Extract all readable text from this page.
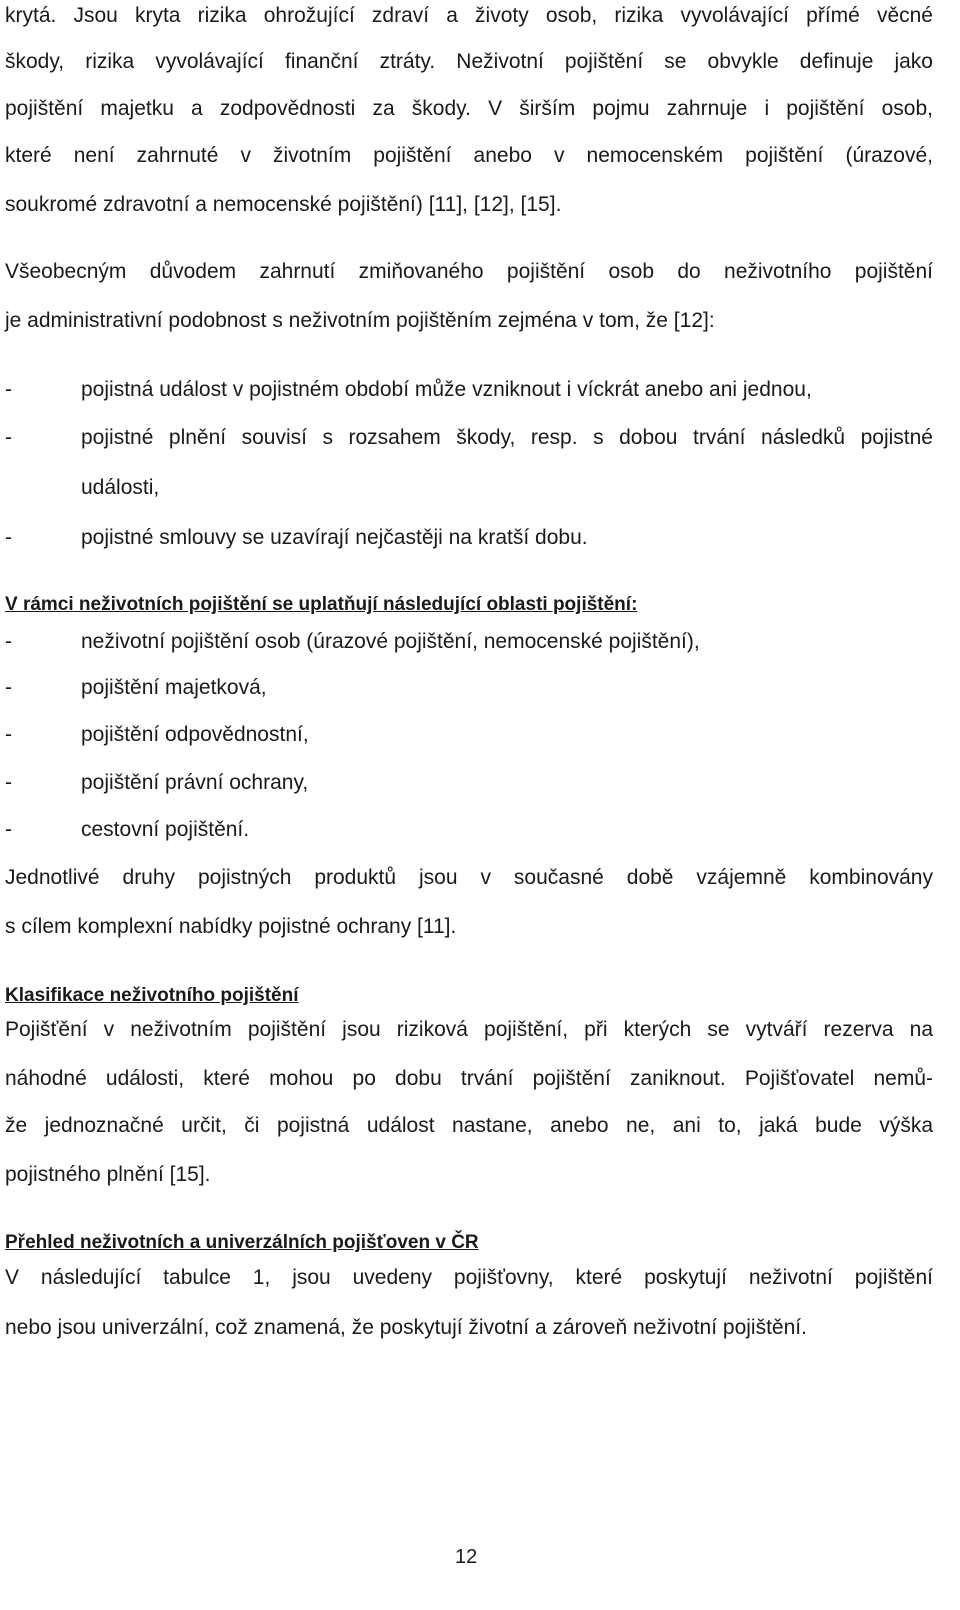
krytá. Jsou kryta rizika ohrožující zdraví a životy osob, rizika vyvolávající přímé věcné
škody, rizika vyvolávající finanční ztráty. Neživotní pojištění se obvykle definuje jako
pojištění majetku a zodpovědnosti za škody. V širším pojmu zahrnuje i pojištění osob,
které není zahrnuté v životním pojištění anebo v nemocenském pojištění (úrazové,
soukromé zdravotní a nemocenské pojištění) [11], [12], [15].
Všeobecným důvodem zahrnutí zmiňovaného pojištění osob do neživotního pojištění
je administrativní podobnost s neživotním pojištěním zejména v tom, že [12]:
-	pojistná událost v pojistném období může vzniknout i víckrát anebo ani jednou,
-	pojistné plnění souvisí s rozsahem škody, resp. s dobou trvání následků pojistné
události,
-	pojistné smlouvy se uzavírají nejčastěji na kratší dobu.
V rámci neživotních pojištění se uplatňují následující oblasti pojištění:
-	neživotní pojištění osob (úrazové pojištění, nemocenské pojištění),
-	pojištění majetková,
-	pojištění odpovědnostní,
-	pojištění právní ochrany,
-	cestovní pojištění.
Jednotlivé druhy pojistných produktů jsou v současné době vzájemně kombinovány
s cílem komplexní nabídky pojistné ochrany [11].
Klasifikace neživotního pojištění
Pojišťění v neživotním pojištění jsou riziková pojištění, při kterých se vytváří rezerva na
náhodné události, které mohou po dobu trvání pojištění zaniknout. Pojišťovatel nemů-
že jednoznačné určit, či pojistná událost nastane, anebo ne, ani to, jaká bude výška
pojistného plnění [15].
Přehled neživotních a univerzálních pojišťoven v ČR
V následující tabulce 1, jsou uvedeny pojišťovny, které poskytují neživotní pojištění
nebo jsou univerzální, což znamená, že poskytují životní a zároveň neživotní pojištění.
12
